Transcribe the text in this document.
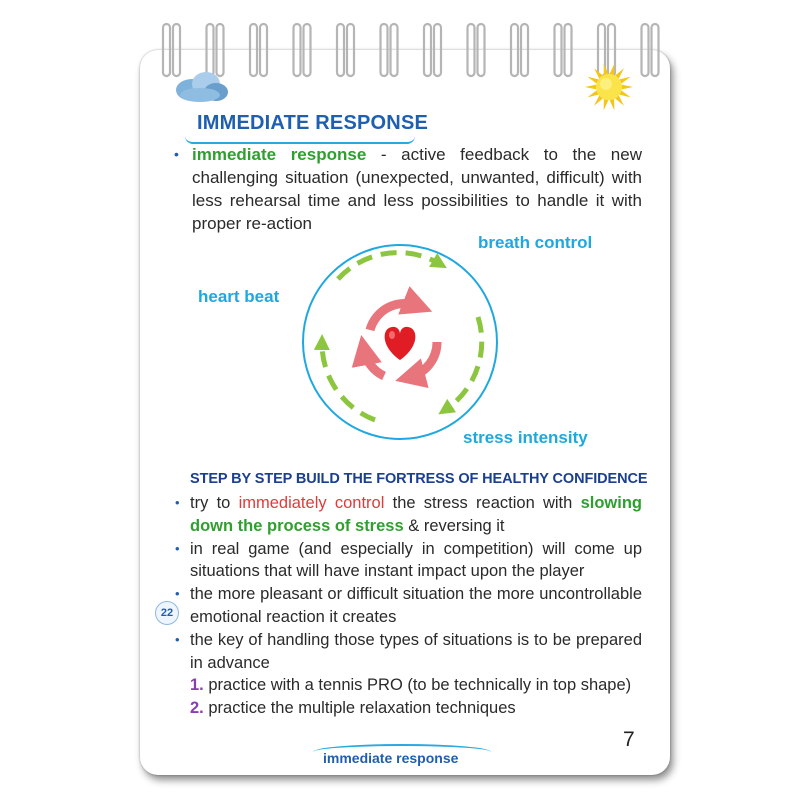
IMMEDIATE RESPONSE
• immediate response - active feedback to the new challenging situation (unexpected, unwanted, difficult) with less rehearsal time and less possibilities to handle it with proper re-action
breath control
heart beat
stress intensity
STEP BY STEP BUILD THE FORTRESS OF HEALTHY CONFIDENCE
• try to immediately control the stress reaction with slowing down the process of stress & reversing it
• in real game (and especially in competition) will come up situations that will have instant impact upon the player
• the more pleasant or difficult situation the more uncontrollable emotional reaction it creates
• the key of handling those types of situations is to be prepared in advance
1. practice with a tennis PRO (to be technically in top shape)
2. practice the multiple relaxation techniques
22
7
immediate response
